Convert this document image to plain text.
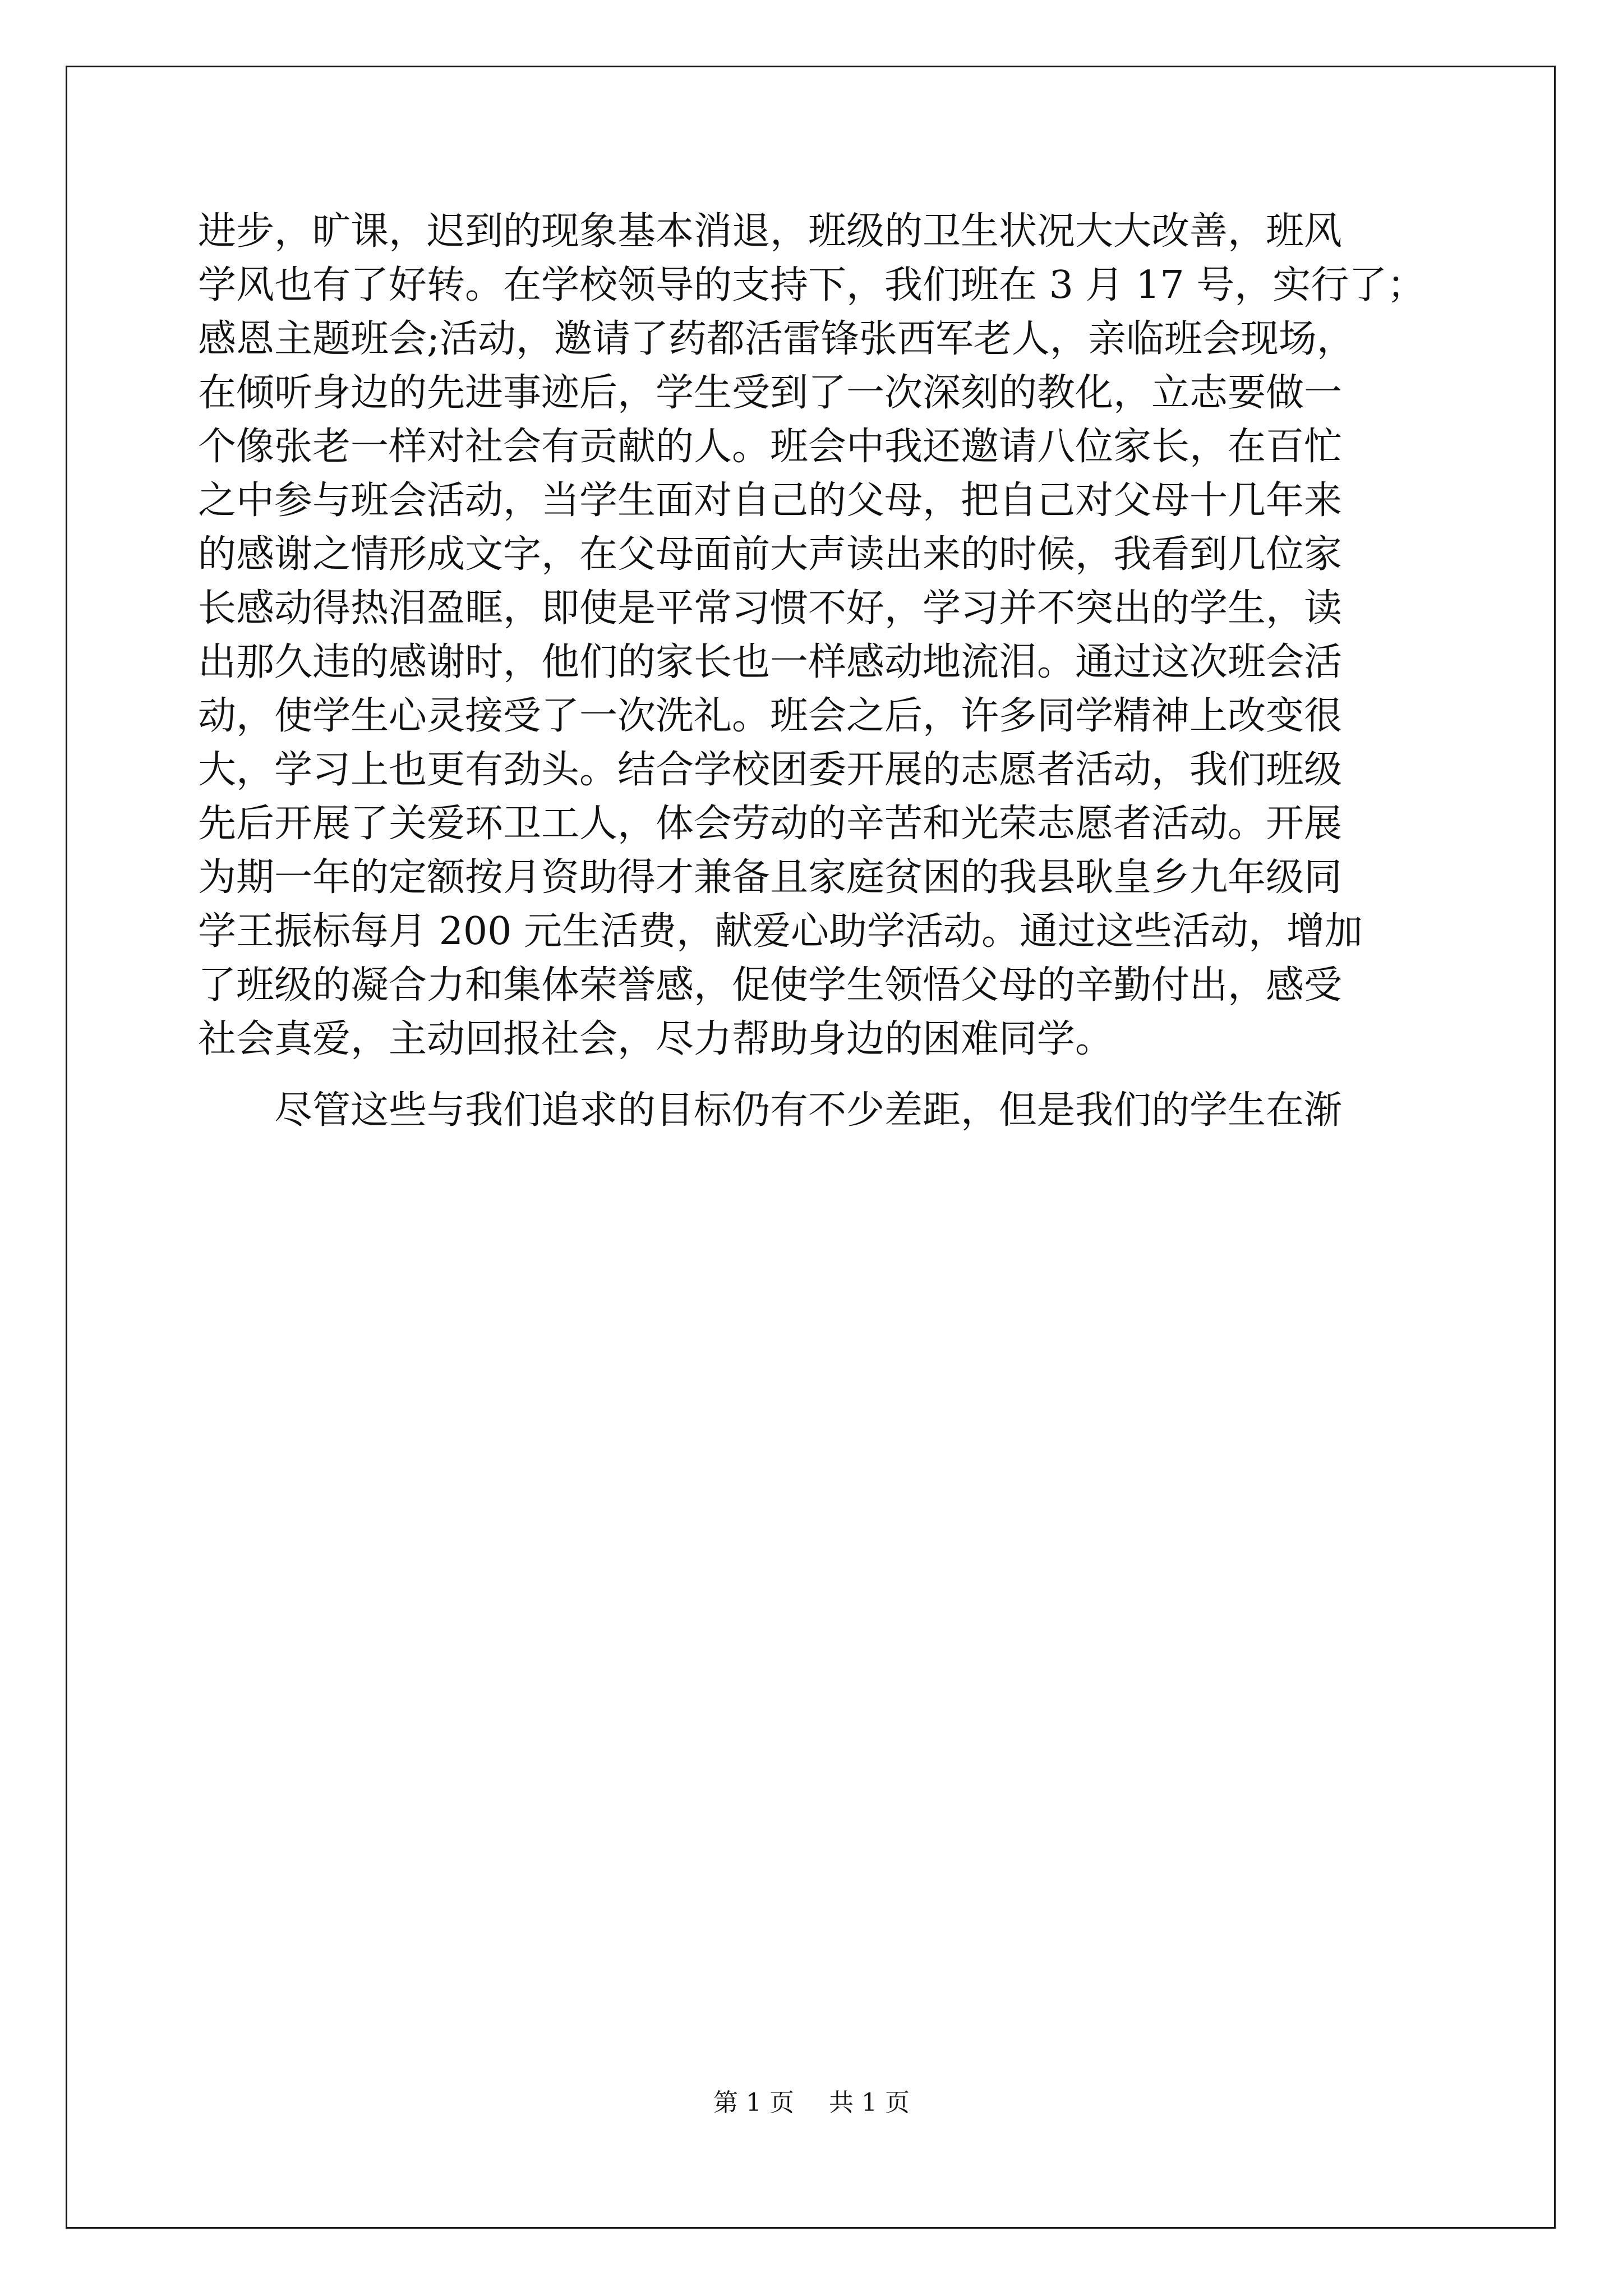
进步，旷课，迟到的现象基本消退，班级的卫生状况大大改善，班风
学风也有了好转。在学校领导的支持下，我们班在 3 月 17 号，实行了；
感恩主题班会;活动，邀请了药都活雷锋张西军老人，亲临班会现场，
在倾听身边的先进事迹后，学生受到了一次深刻的教化，立志要做一
个像张老一样对社会有贡献的人。班会中我还邀请八位家长，在百忙
之中参与班会活动，当学生面对自己的父母，把自己对父母十几年来
的感谢之情形成文字，在父母面前大声读出来的时候，我看到几位家
长感动得热泪盈眶，即使是平常习惯不好，学习并不突出的学生，读
出那久违的感谢时，他们的家长也一样感动地流泪。通过这次班会活
动，使学生心灵接受了一次洗礼。班会之后，许多同学精神上改变很
大，学习上也更有劲头。结合学校团委开展的志愿者活动，我们班级
先后开展了关爱环卫工人，体会劳动的辛苦和光荣志愿者活动。开展
为期一年的定额按月资助得才兼备且家庭贫困的我县耿皇乡九年级同
学王振标每月 200 元生活费，献爱心助学活动。通过这些活动，增加
了班级的凝合力和集体荣誉感，促使学生领悟父母的辛勤付出，感受
社会真爱，主动回报社会，尽力帮助身边的困难同学。
　　尽管这些与我们追求的目标仍有不少差距，但是我们的学生在渐
第 1 页 共 1 页
